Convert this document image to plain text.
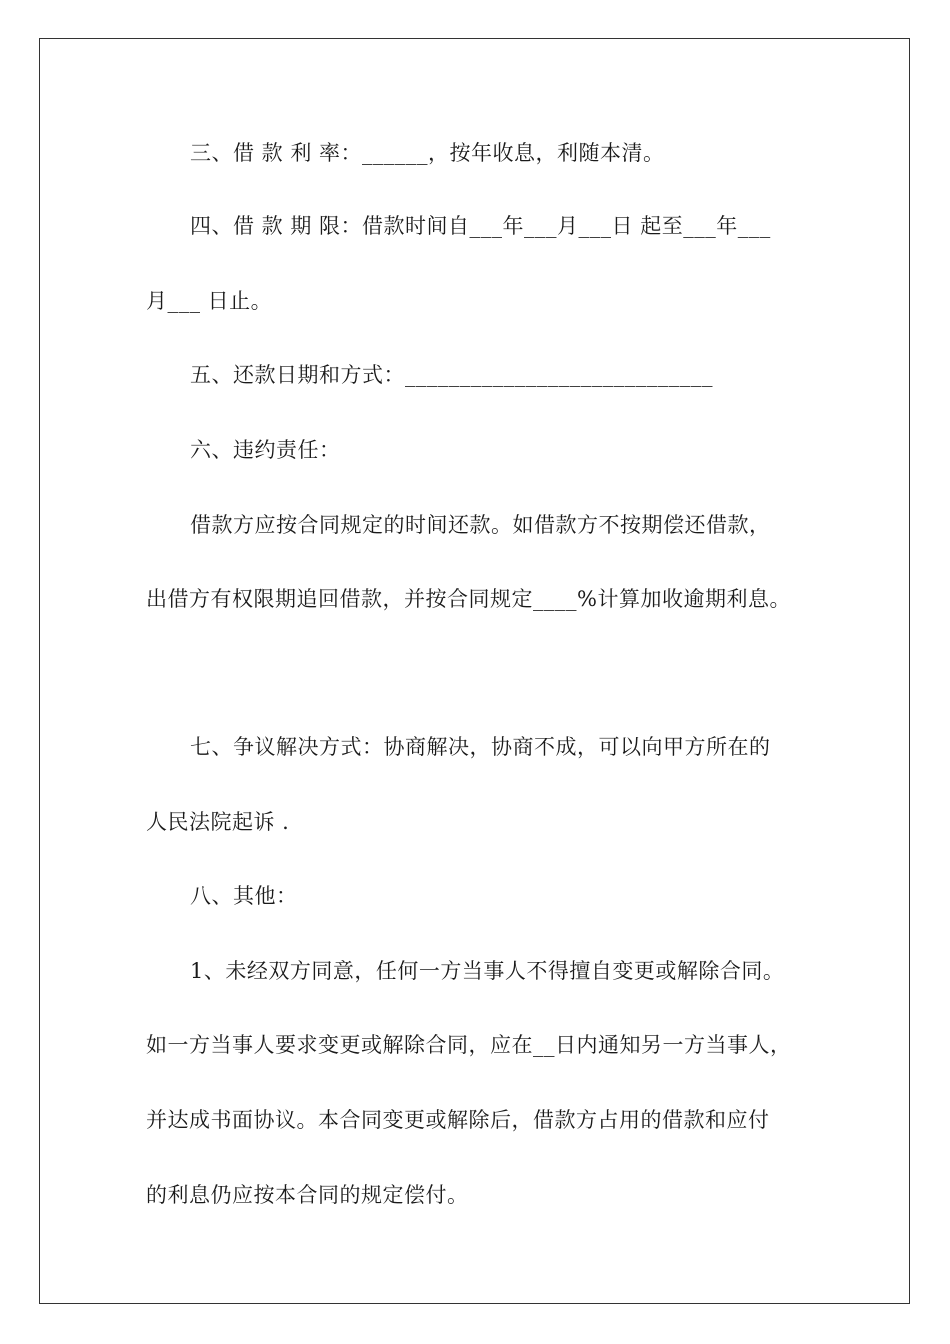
三、借 款 利 率：______，按年收息，利随本清。
四、借 款 期 限：借款时间自___年___月___日 起至___年___
月___ 日止。
五、还款日期和方式：____________________________
六、违约责任：
借款方应按合同规定的时间还款。如借款方不按期偿还借款，
出借方有权限期追回借款，并按合同规定____%计算加收逾期利息。
七、争议解决方式：协商解决，协商不成，可以向甲方所在的
人民法院起诉 .
八、其他：
1、未经双方同意，任何一方当事人不得擅自变更或解除合同。
如一方当事人要求变更或解除合同，应在__日内通知另一方当事人，
并达成书面协议。本合同变更或解除后，借款方占用的借款和应付
的利息仍应按本合同的规定偿付。
